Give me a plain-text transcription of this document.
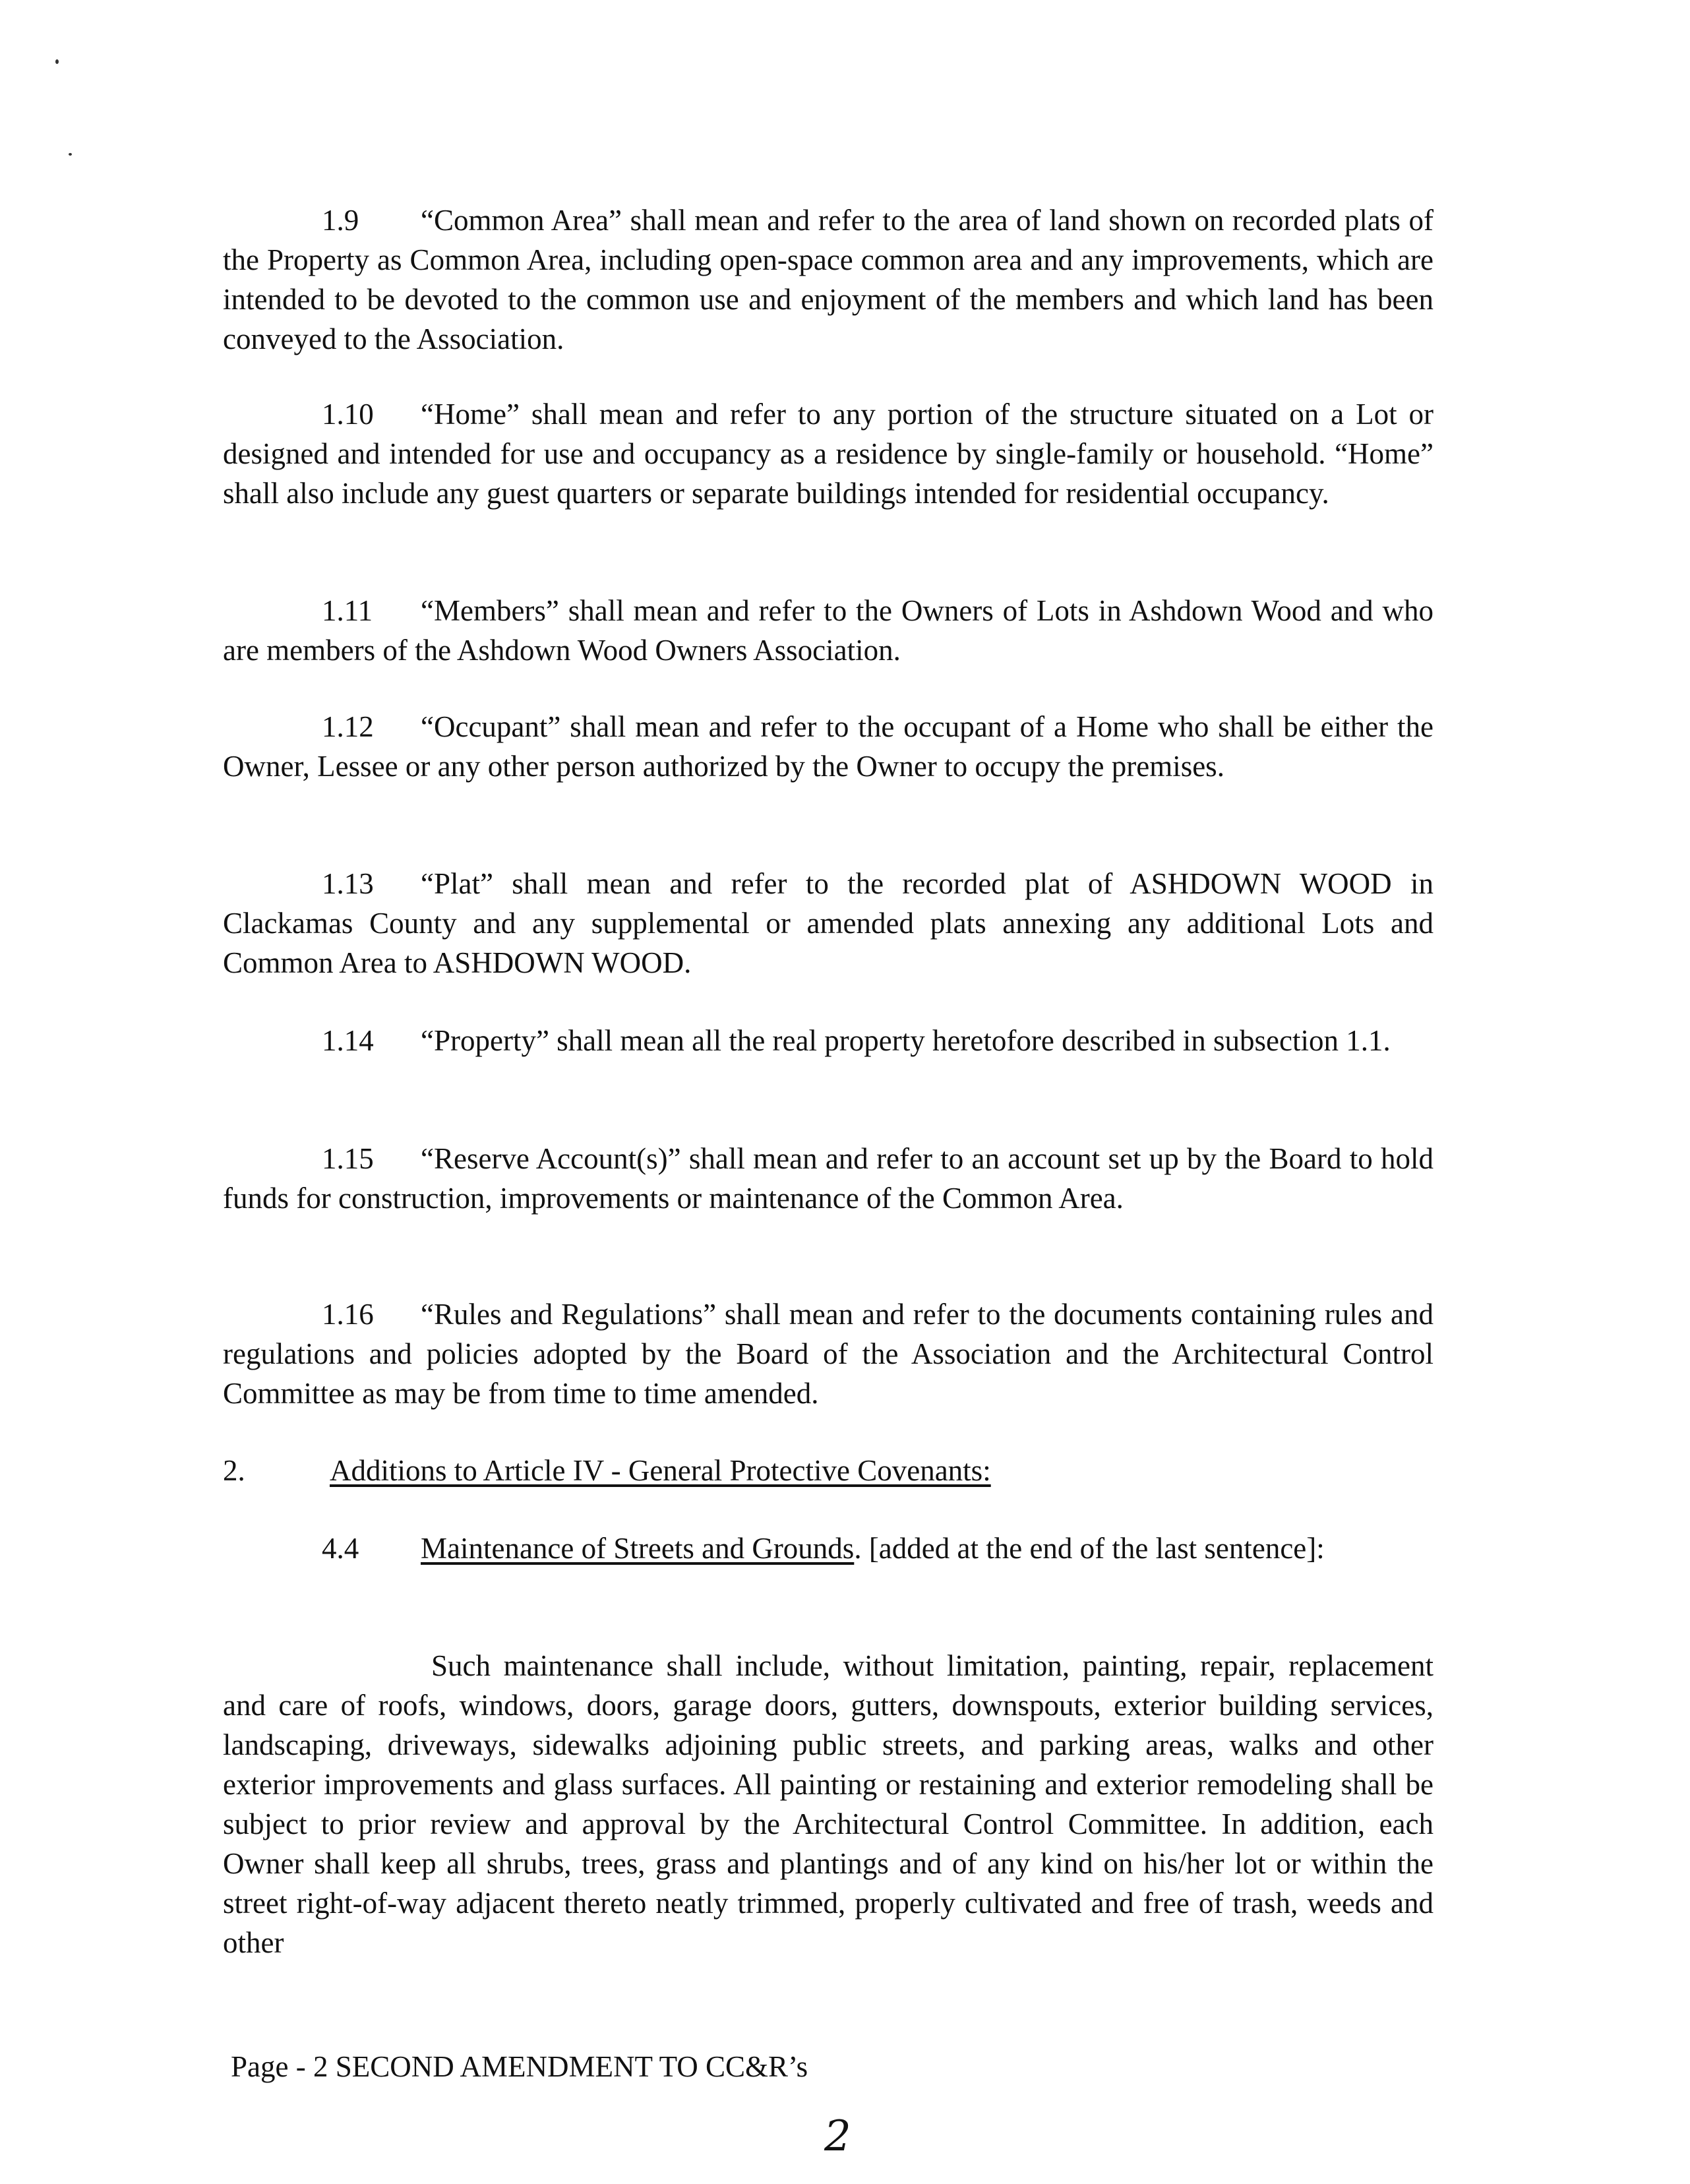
1.9 “Common Area” shall mean and refer to the area of land shown on recorded plats of the Property as Common Area, including open-space common area and any improvements, which are intended to be devoted to the common use and enjoyment of the members and which land has been conveyed to the Association.
1.10 “Home” shall mean and refer to any portion of the structure situated on a Lot or designed and intended for use and occupancy as a residence by single-family or household. “Home” shall also include any guest quarters or separate buildings intended for residential occupancy.
1.11 “Members” shall mean and refer to the Owners of Lots in Ashdown Wood and who are members of the Ashdown Wood Owners Association.
1.12 “Occupant” shall mean and refer to the occupant of a Home who shall be either the Owner, Lessee or any other person authorized by the Owner to occupy the premises.
1.13 “Plat” shall mean and refer to the recorded plat of ASHDOWN WOOD in Clackamas County and any supplemental or amended plats annexing any additional Lots and Common Area to ASHDOWN WOOD.
1.14 “Property” shall mean all the real property heretofore described in subsection 1.1.
1.15 “Reserve Account(s)” shall mean and refer to an account set up by the Board to hold funds for construction, improvements or maintenance of the Common Area.
1.16 “Rules and Regulations” shall mean and refer to the documents containing rules and regulations and policies adopted by the Board of the Association and the Architectural Control Committee as may be from time to time amended.
2.	Additions to Article IV - General Protective Covenants:
4.4 Maintenance of Streets and Grounds. [added at the end of the last sentence]:
Such maintenance shall include, without limitation, painting, repair, replacement and care of roofs, windows, doors, garage doors, gutters, downspouts, exterior building services, landscaping, driveways, sidewalks adjoining public streets, and parking areas, walks and other exterior improvements and glass surfaces. All painting or restaining and exterior remodeling shall be subject to prior review and approval by the Architectural Control Committee. In addition, each Owner shall keep all shrubs, trees, grass and plantings and of any kind on his/her lot or within the street right-of-way adjacent thereto neatly trimmed, properly cultivated and free of trash, weeds and other
Page - 2 SECOND AMENDMENT TO CC&R’s
2
